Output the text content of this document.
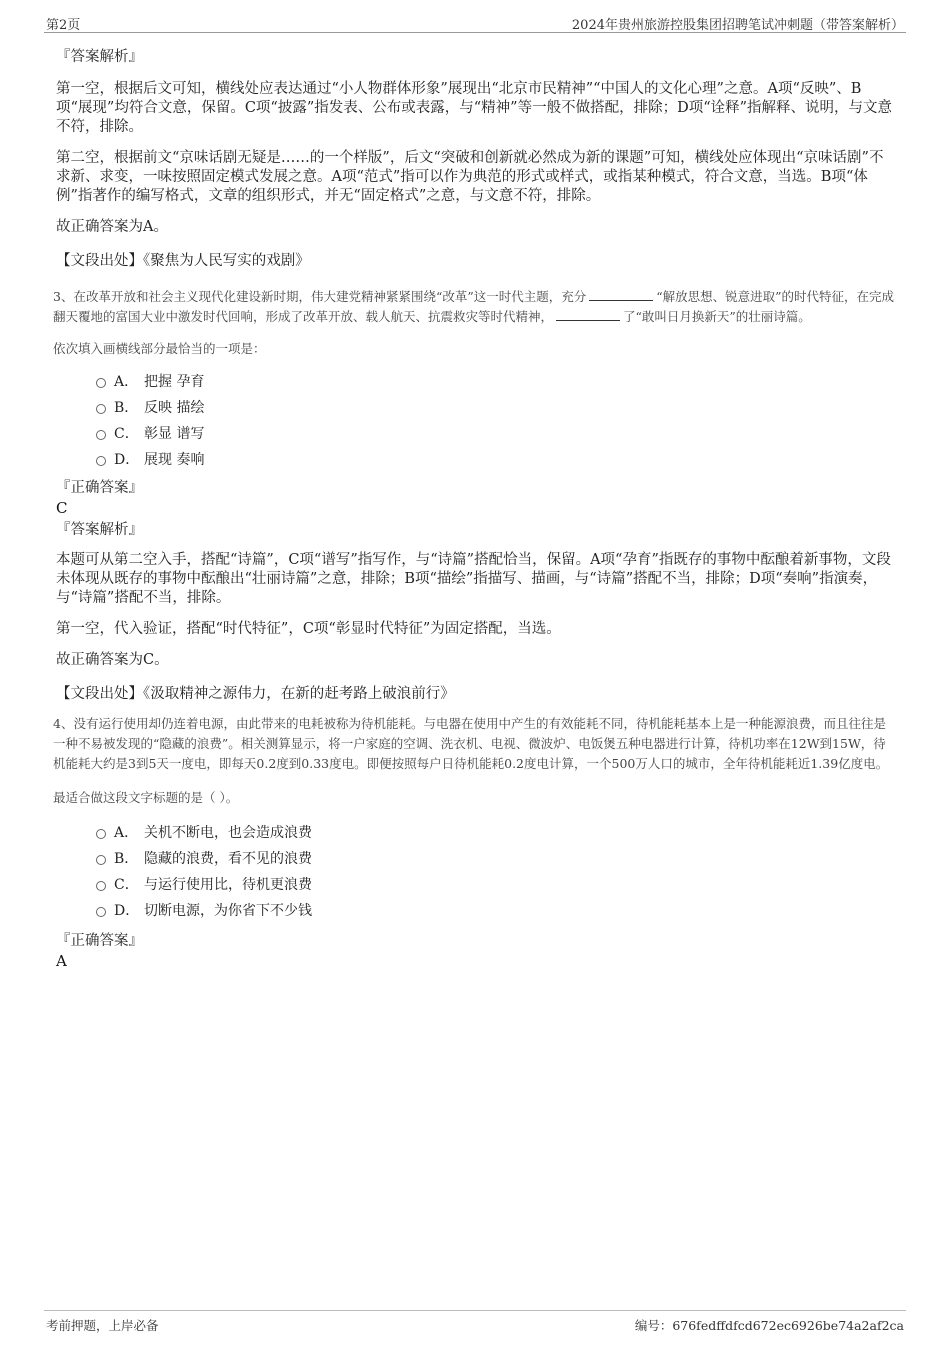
第2页	2024年贵州旅游控股集团招聘笔试冲刺题（带答案解析）

『答案解析』

第一空，根据后文可知，横线处应表达通过“小人物群体形象”展现出“北京市民精神”“中国人的文化心理”之意。A项“反映”、B项“展现”均符合文意，保留。C项“披露”指发表、公布或表露，与“精神”等一般不做搭配，排除；D项“诠释”指解释、说明，与文意不符，排除。

第二空，根据前文“京味话剧无疑是……的一个样版”，后文“突破和创新就必然成为新的课题”可知，横线处应体现出“京味话剧”不求新、求变，一味按照固定模式发展之意。A项“范式”指可以作为典范的形式或样式，或指某种模式，符合文意，当选。B项“体例”指著作的编写格式，文章的组织形式，并无“固定格式”之意，与文意不符，排除。

故正确答案为A。

【文段出处】《聚焦为人民写实的戏剧》

3、在改革开放和社会主义现代化建设新时期，伟大建党精神紧紧围绕“改革”这一时代主题，充分	“解放思想、锐意进取”的时代特征，在完成翻天覆地的富国大业中激发时代回响，形成了改革开放、载人航天、抗震救灾等时代精神，	了“敢叫日月换新天”的壮丽诗篇。

依次填入画横线部分最恰当的一项是：

A． 把握 孕育
B． 反映 描绘
C． 彰显 谱写
D． 展现 奏响

『正确答案』

C

『答案解析』

本题可从第二空入手，搭配“诗篇”，C项“谱写”指写作，与“诗篇”搭配恰当，保留。A项“孕育”指既存的事物中酝酿着新事物，文段未体现从既存的事物中酝酿出“壮丽诗篇”之意，排除；B项“描绘”指描写、描画，与“诗篇”搭配不当，排除；D项“奏响”指演奏，与“诗篇”搭配不当，排除。

第一空，代入验证，搭配“时代特征”，C项“彰显时代特征”为固定搭配，当选。

故正确答案为C。

【文段出处】《汲取精神之源伟力，在新的赶考路上破浪前行》

4、没有运行使用却仍连着电源，由此带来的电耗被称为待机能耗。与电器在使用中产生的有效能耗不同，待机能耗基本上是一种能源浪费，而且往往是一种不易被发现的“隐藏的浪费”。相关测算显示，将一户家庭的空调、洗衣机、电视、微波炉、电饭煲五种电器进行计算，待机功率在12W到15W，待机能耗大约是3到5天一度电，即每天0.2度到0.33度电。即便按照每户日待机能耗0.2度电计算，一个500万人口的城市，全年待机能耗近1.39亿度电。

最适合做这段文字标题的是（ ）。

A． 关机不断电，也会造成浪费
B． 隐藏的浪费，看不见的浪费
C． 与运行使用比，待机更浪费
D． 切断电源，为你省下不少钱

『正确答案』

A

考前押题，上岸必备	编号：676fedffdfcd672ec6926be74a2af2ca
